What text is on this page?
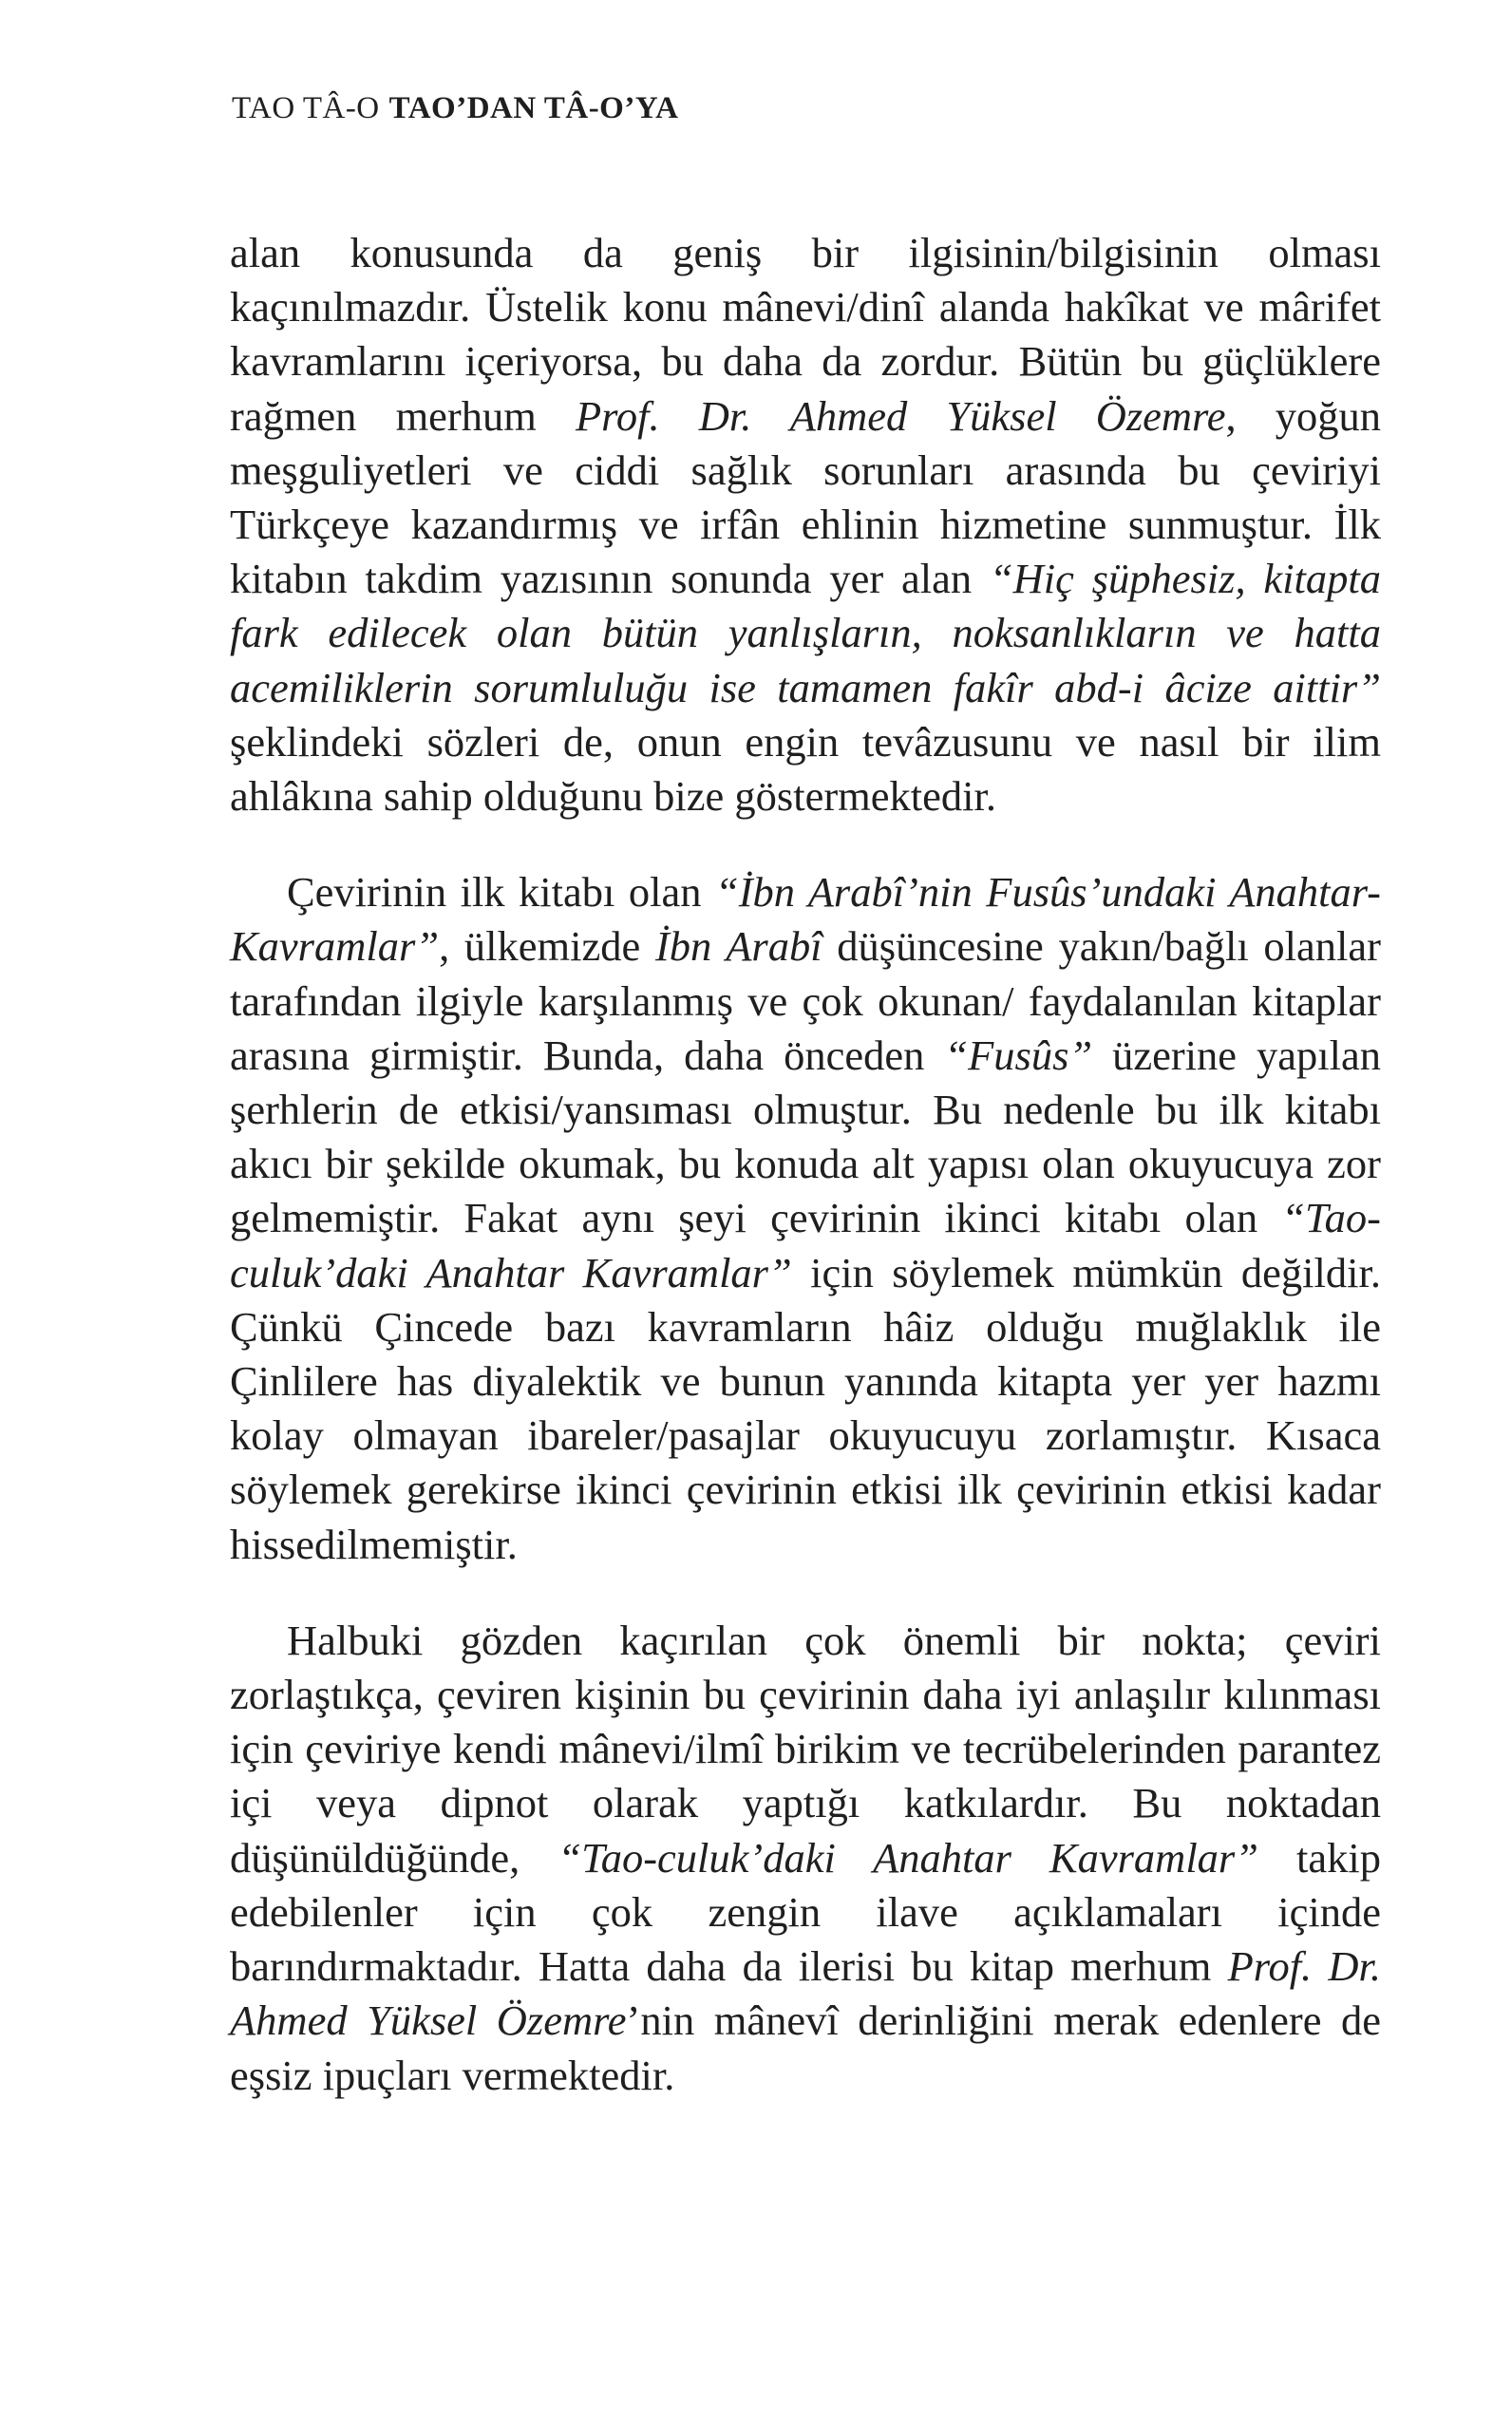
TAO TÂ-O TAO’DAN TÂ-O’YA

alan konusunda da geniş bir ilgisinin/bilgisinin olması kaçınılmazdır. Üstelik konu mânevi/dinî alanda hakîkat ve mârifet kavramlarını içeriyorsa, bu daha da zordur. Bütün bu güçlüklere rağmen merhum Prof. Dr. Ahmed Yüksel Özemre, yoğun meşguliyetleri ve ciddi sağlık sorunları arasında bu çeviriyi Türkçeye kazandırmış ve irfân ehlinin hizmetine sunmuştur. İlk kitabın takdim yazısının sonunda yer alan “Hiç şüphesiz, kitapta fark edilecek olan bütün yanlışların, noksanlıkların ve hatta acemiliklerin sorumluluğu ise tamamen fakîr abd-i âcize aittir” şeklindeki sözleri de, onun engin tevâzusunu ve nasıl bir ilim ahlâkına sahip olduğunu bize göstermektedir.

Çevirinin ilk kitabı olan “İbn Arabî’nin Fusûs’undaki Anahtar-Kavramlar”, ülkemizde İbn Arabî düşüncesine yakın/bağlı olanlar tarafından ilgiyle karşılanmış ve çok okunan/ faydalanılan kitaplar arasına girmiştir. Bunda, daha önceden “Fusûs” üzerine yapılan şerhlerin de etkisi/yansıması olmuştur. Bu nedenle bu ilk kitabı akıcı bir şekilde okumak, bu konuda alt yapısı olan okuyucuya zor gelmemiştir. Fakat aynı şeyi çevirinin ikinci kitabı olan “Tao-culuk’daki Anahtar Kavramlar” için söylemek mümkün değildir. Çünkü Çincede bazı kavramların hâiz olduğu muğlaklık ile Çinlilere has diyalektik ve bunun yanında kitapta yer yer hazmı kolay olmayan ibareler/pasajlar okuyucuyu zorlamıştır. Kısaca söylemek gerekirse ikinci çevirinin etkisi ilk çevirinin etkisi kadar hissedilmemiştir.

Halbuki gözden kaçırılan çok önemli bir nokta; çeviri zorlaştıkça, çeviren kişinin bu çevirinin daha iyi anlaşılır kılınması için çeviriye kendi mânevi/ilmî birikim ve tecrübelerinden parantez içi veya dipnot olarak yaptığı katkılardır. Bu noktadan düşünüldüğünde, “Tao-culuk’daki Anahtar Kavramlar” takip edebilenler için çok zengin ilave açıklamaları içinde barındırmaktadır. Hatta daha da ilerisi bu kitap merhum Prof. Dr. Ahmed Yüksel Özemre’nin mânevî derinliğini merak edenlere de eşsiz ipuçları vermektedir.
